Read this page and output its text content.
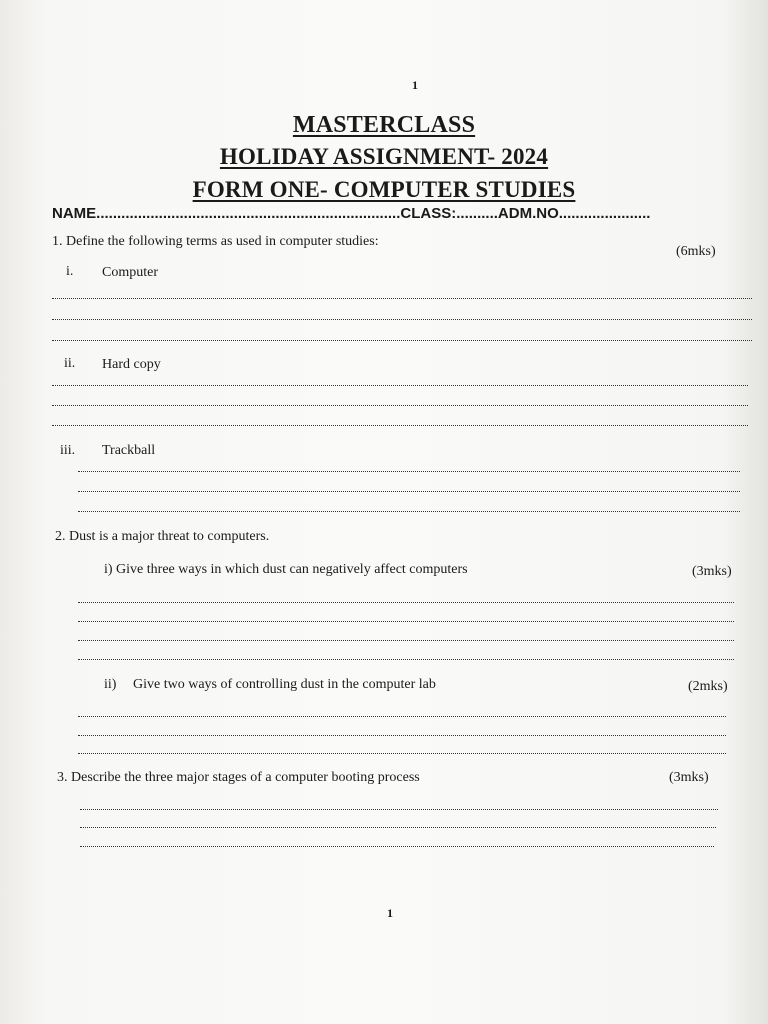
1
MASTERCLASS
HOLIDAY ASSIGNMENT- 2024
FORM ONE- COMPUTER STUDIES
NAME.........................................................................CLASS:..........ADM.NO......................
1. Define the following terms as used in computer studies:
(6mks)
i. Computer
ii. Hard copy
iii. Trackball
2. Dust is a major threat to computers.
i) Give three ways in which dust can negatively affect computers	(3mks)
ii) Give two ways of controlling dust in the computer lab	(2mks)
3. Describe the three major stages of a computer booting process	(3mks)
1
